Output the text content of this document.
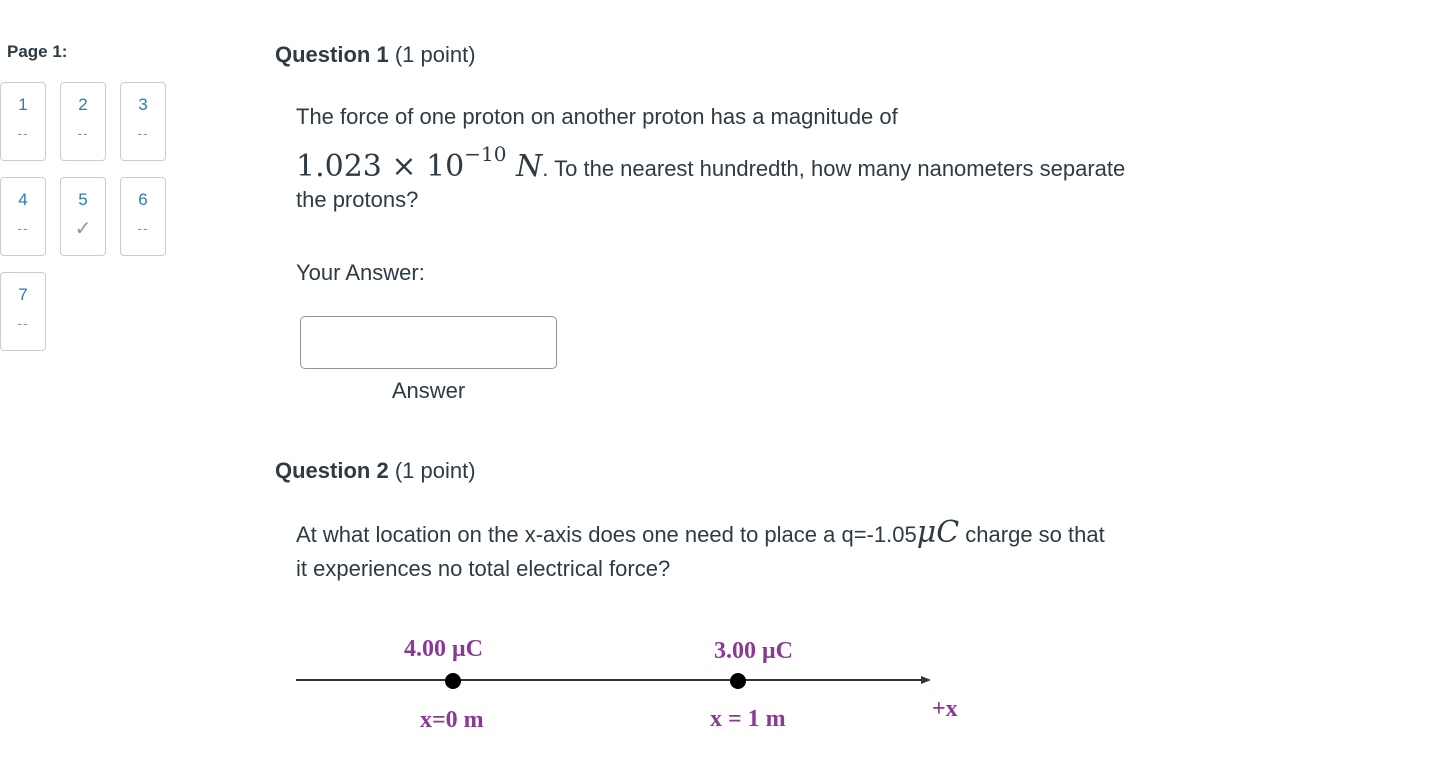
Page 1:
1
--
2
--
3
--
4
--
5
✓
6
--
7
--
Question 1 (1 point)
The force of one proton on another proton has a magnitude of
$1.023 \times 10^{-10}$ N. To the nearest hundredth, how many nanometers separate
the protons?
Your Answer:
Answer
Question 2 (1 point)
At what location on the x-axis does one need to place a q=-1.05μC charge so that
it experiences no total electrical force?
4.00 μC	3.00 μC
x=0 m	x = 1 m	+x
